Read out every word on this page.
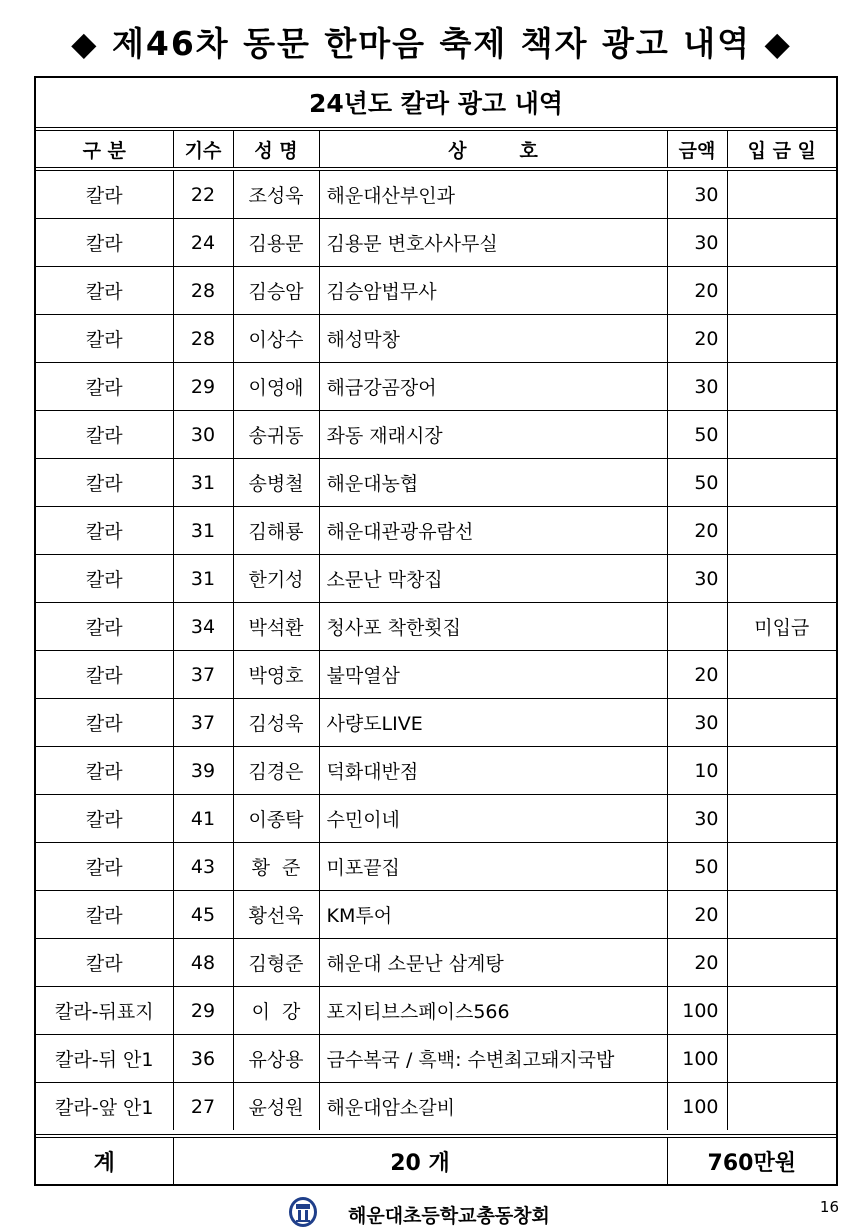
◆ 제46차 동문 한마음 축제 책자 광고 내역 ◆
24년도 칼라 광고 내역
구 분	기수	성 명	상        호	금액	입 금 일
칼라	22	조성욱	해운대산부인과	30	
칼라	24	김용문	김용문 변호사사무실	30	
칼라	28	김승암	김승암법무사	20	
칼라	28	이상수	해성막창	20	
칼라	29	이영애	해금강곰장어	30	
칼라	30	송귀동	좌동 재래시장	50	
칼라	31	송병철	해운대농협	50	
칼라	31	김해룡	해운대관광유람선	20	
칼라	31	한기성	소문난 막창집	30	
칼라	34	박석환	청사포 착한횟집		미입금
칼라	37	박영호	불막열삼	20	
칼라	37	김성욱	사량도LIVE	30	
칼라	39	김경은	덕화대반점	10	
칼라	41	이종탁	수민이네	30	
칼라	43	황  준	미포끝집	50	
칼라	45	황선욱	KM투어	20	
칼라	48	김형준	해운대 소문난 삼계탕	20	
칼라-뒤표지	29	이  강	포지티브스페이스566	100	
칼라-뒤 안1	36	유상용	금수복국 / 흑백: 수변최고돼지국밥	100	
칼라-앞 안1	27	윤성원	해운대암소갈비	100	
계	20 개	760만원
해운대초등학교총동창회	16
